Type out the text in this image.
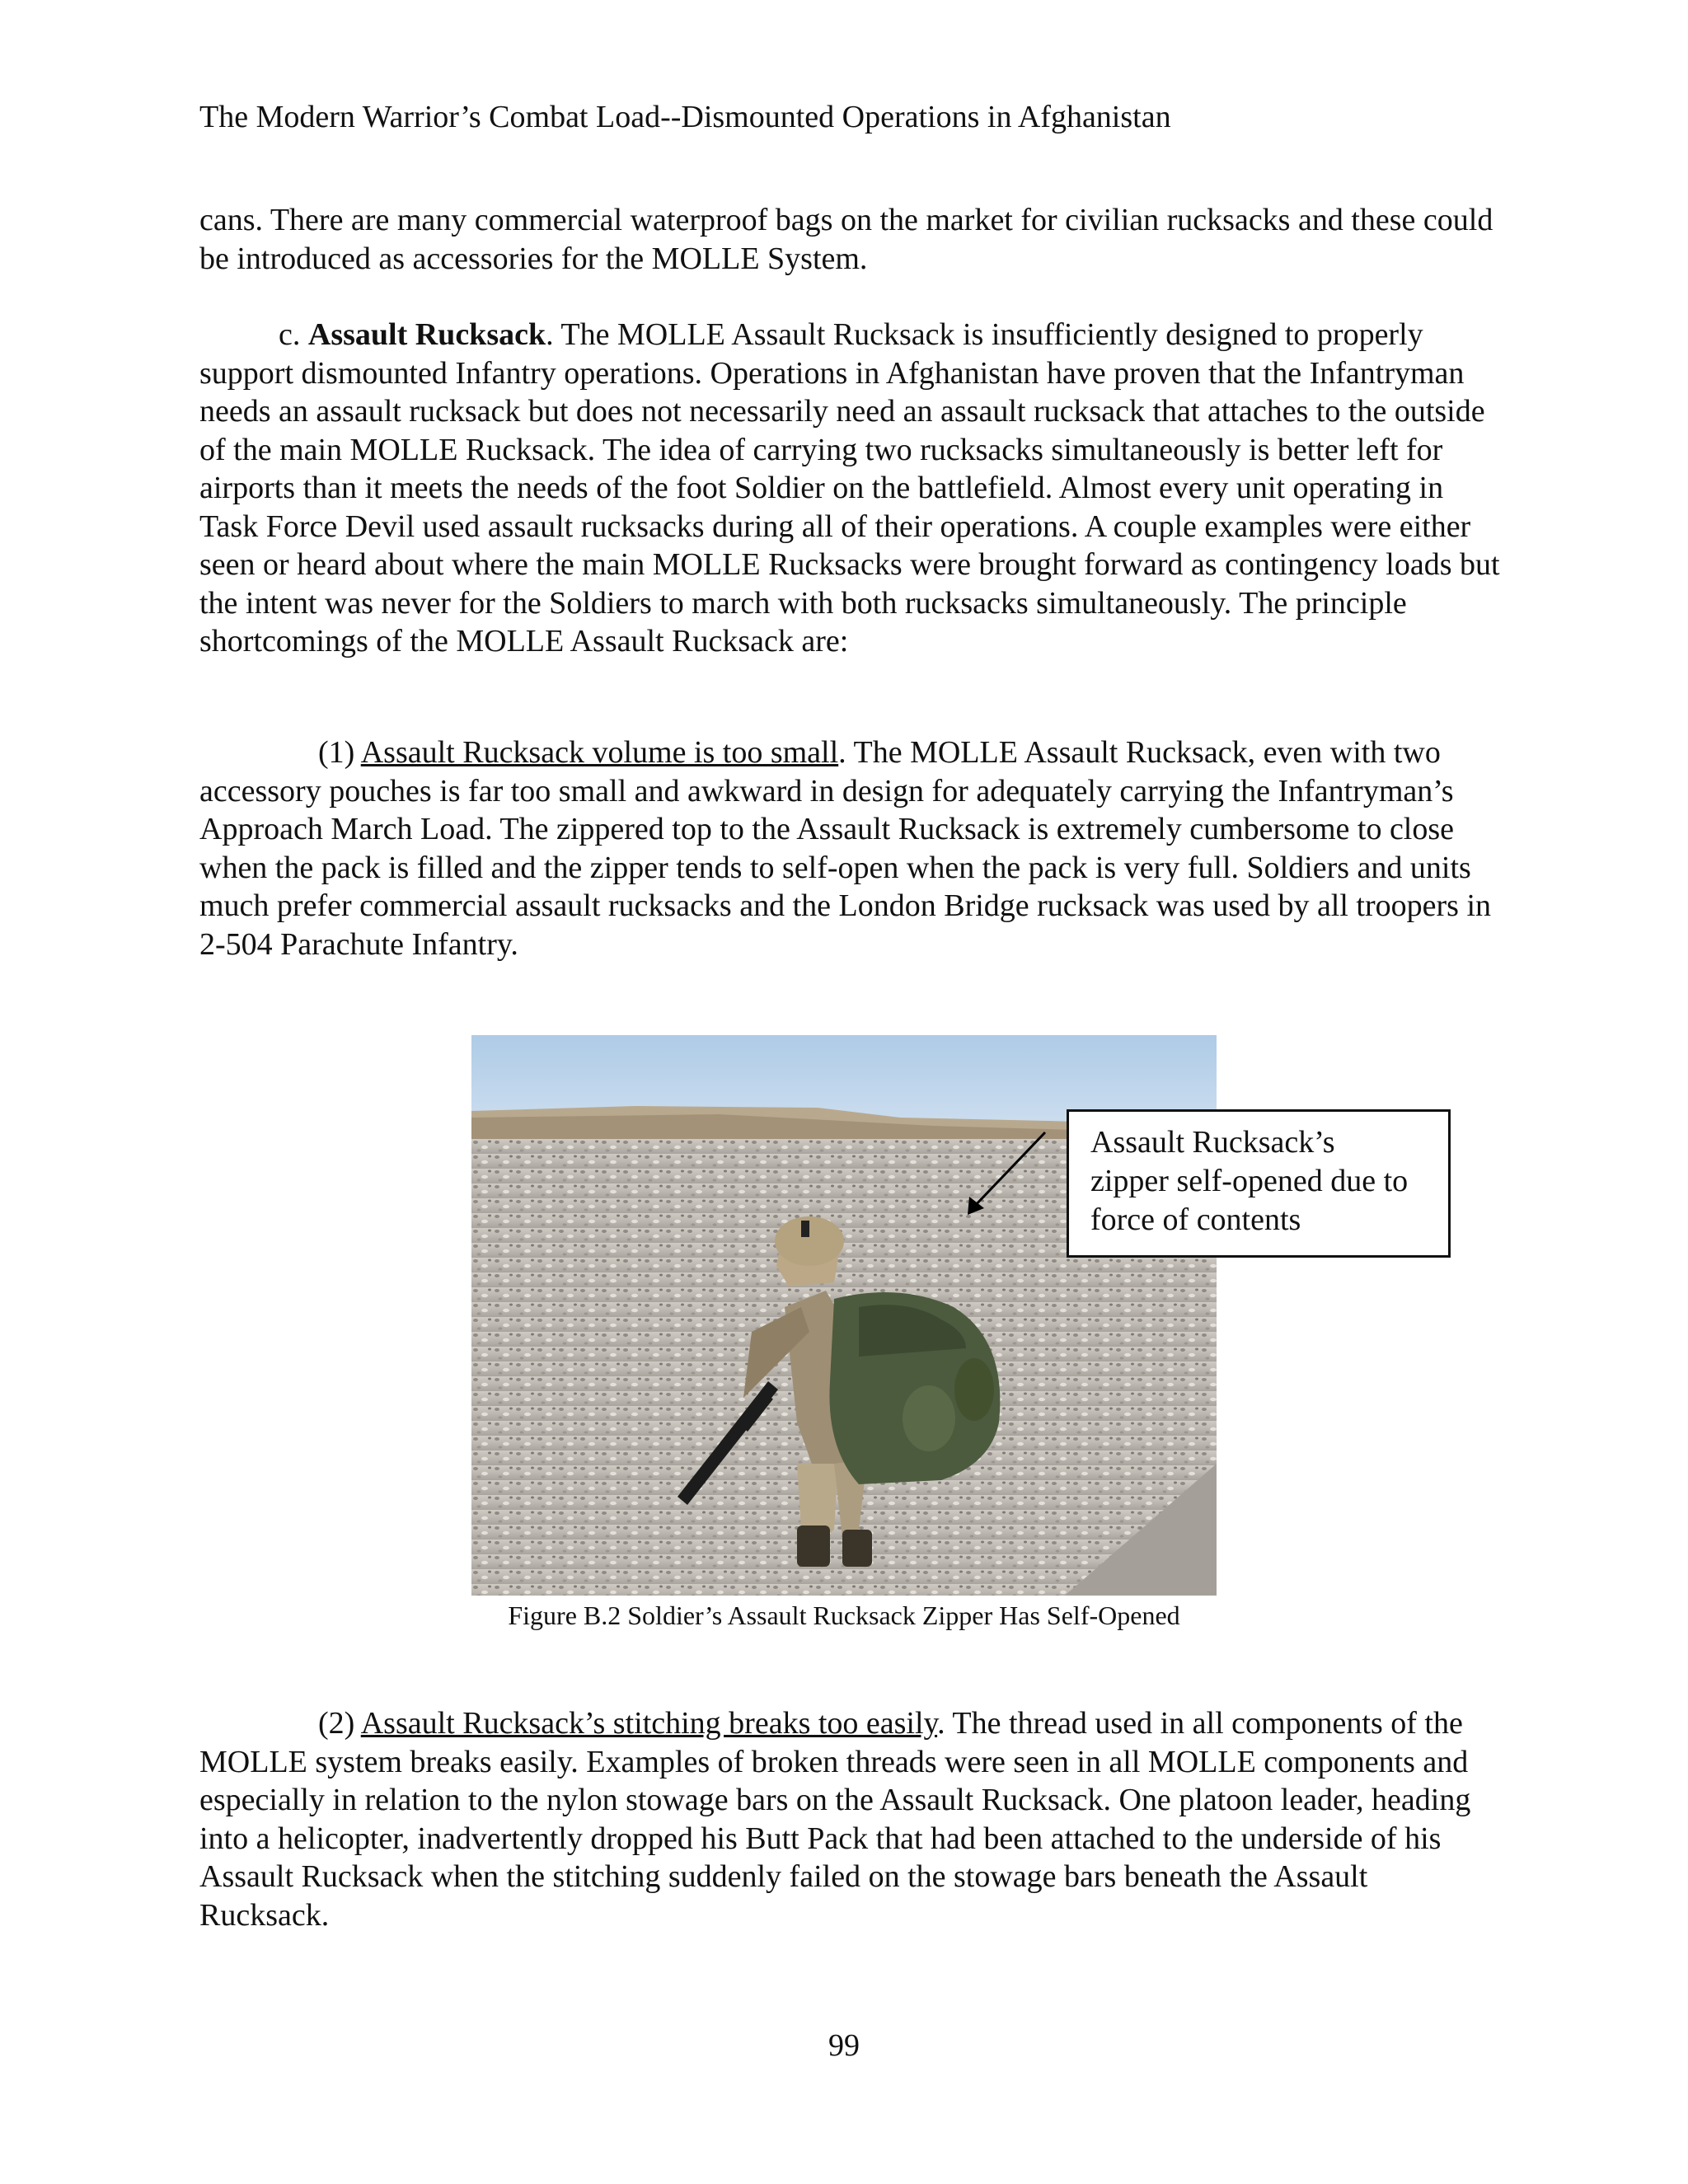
The Modern Warrior’s Combat Load--Dismounted Operations in Afghanistan

cans. There are many commercial waterproof bags on the market for civilian rucksacks and these could be introduced as accessories for the MOLLE System.

c. Assault Rucksack. The MOLLE Assault Rucksack is insufficiently designed to properly support dismounted Infantry operations. Operations in Afghanistan have proven that the Infantryman needs an assault rucksack but does not necessarily need an assault rucksack that attaches to the outside of the main MOLLE Rucksack. The idea of carrying two rucksacks simultaneously is better left for airports than it meets the needs of the foot Soldier on the battlefield. Almost every unit operating in Task Force Devil used assault rucksacks during all of their operations. A couple examples were either seen or heard about where the main MOLLE Rucksacks were brought forward as contingency loads but the intent was never for the Soldiers to march with both rucksacks simultaneously. The principle shortcomings of the MOLLE Assault Rucksack are:

(1) Assault Rucksack volume is too small. The MOLLE Assault Rucksack, even with two accessory pouches is far too small and awkward in design for adequately carrying the Infantryman’s Approach March Load. The zippered top to the Assault Rucksack is extremely cumbersome to close when the pack is filled and the zipper tends to self-open when the pack is very full. Soldiers and units much prefer commercial assault rucksacks and the London Bridge rucksack was used by all troopers in 2-504 Parachute Infantry.

Assault Rucksack’s
zipper self-opened due to
force of contents
Figure B.2 Soldier’s Assault Rucksack Zipper Has Self-Opened

(2) Assault Rucksack’s stitching breaks too easily. The thread used in all components of the MOLLE system breaks easily. Examples of broken threads were seen in all MOLLE components and especially in relation to the nylon stowage bars on the Assault Rucksack. One platoon leader, heading into a helicopter, inadvertently dropped his Butt Pack that had been attached to the underside of his Assault Rucksack when the stitching suddenly failed on the stowage bars beneath the Assault Rucksack.

99
